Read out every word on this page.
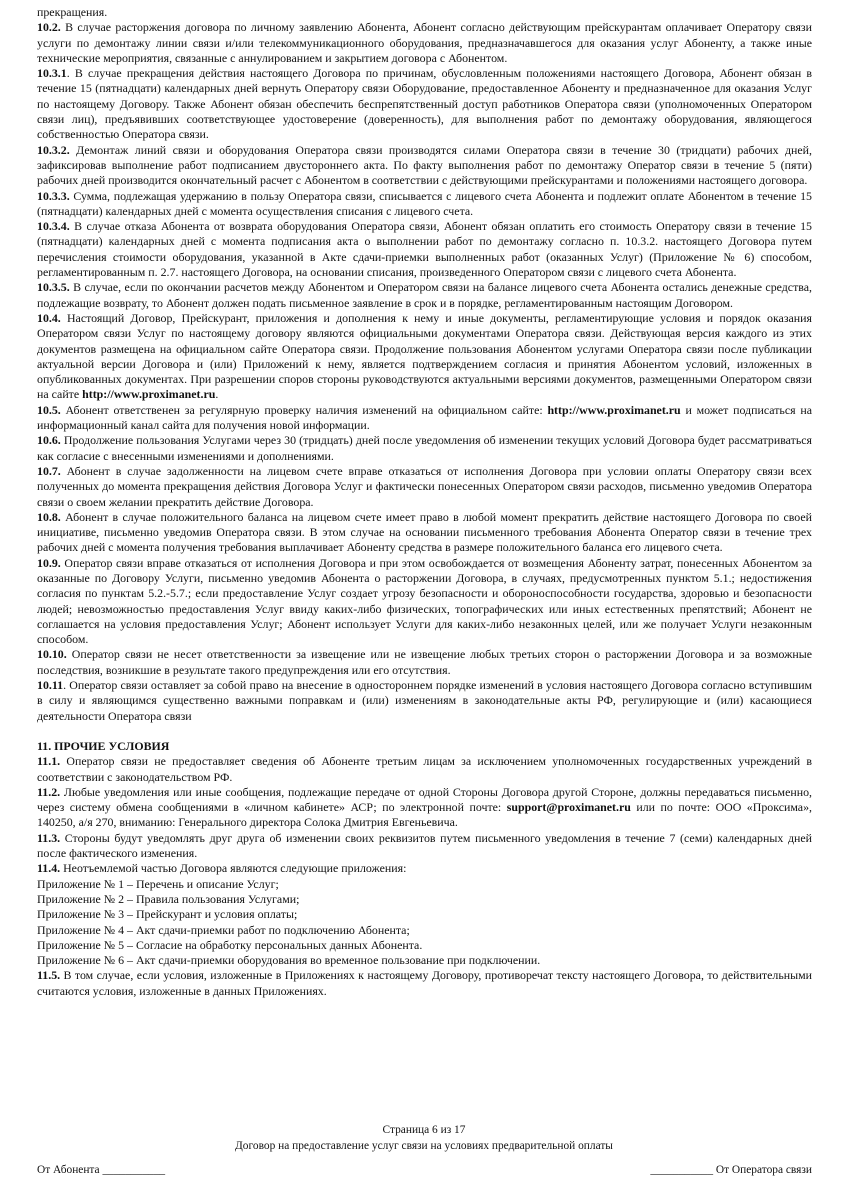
прекращения.

10.2. В случае расторжения договора по личному заявлению Абонента, Абонент согласно действующим прейскурантам оплачивает Оператору связи услуги по демонтажу линии связи и/или телекоммуникационного оборудования, предназначавшегося для оказания услуг Абоненту, а также иные технические мероприятия, связанные с аннулированием и закрытием договора с Абонентом.

10.3.1. В случае прекращения действия настоящего Договора по причинам, обусловленным положениями настоящего Договора, Абонент обязан в течение 15 (пятнадцати) календарных дней вернуть Оператору связи Оборудование, предоставленное Абоненту и предназначенное для оказания Услуг по настоящему Договору. Также Абонент обязан обеспечить беспрепятственный доступ работников Оператора связи (уполномоченных Оператором связи лиц), предъявивших соответствующее удостоверение (доверенность), для выполнения работ по демонтажу оборудования, являющегося собственностью Оператора связи.

10.3.2. Демонтаж линий связи и оборудования Оператора связи производятся силами Оператора связи в течение 30 (тридцати) рабочих дней, зафиксировав выполнение работ подписанием двустороннего акта. По факту выполнения работ по демонтажу Оператор связи в течение 5 (пяти) рабочих дней производится окончательный расчет с Абонентом в соответствии с действующими прейскурантами и положениями настоящего договора.

10.3.3. Сумма, подлежащая удержанию в пользу Оператора связи, списывается с лицевого счета Абонента и подлежит оплате Абонентом в течение 15 (пятнадцати) календарных дней с момента осуществления списания с лицевого счета.

10.3.4. В случае отказа Абонента от возврата оборудования Оператора связи, Абонент обязан оплатить его стоимость Оператору связи в течение 15 (пятнадцати) календарных дней с момента подписания акта о выполнении работ по демонтажу согласно п. 10.3.2. настоящего Договора путем перечисления стоимости оборудования, указанной в Акте сдачи-приемки выполненных работ (оказанных Услуг) (Приложение № 6) способом, регламентированным п. 2.7. настоящего Договора, на основании списания, произведенного Оператором связи с лицевого счета Абонента.

10.3.5. В случае, если по окончании расчетов между Абонентом и Оператором связи на балансе лицевого счета Абонента остались денежные средства, подлежащие возврату, то Абонент должен подать письменное заявление в срок и в порядке, регламентированным настоящим Договором.

10.4. Настоящий Договор, Прейскурант, приложения и дополнения к нему и иные документы, регламентирующие условия и порядок оказания Оператором связи Услуг по настоящему договору являются официальными документами Оператора связи. Действующая версия каждого из этих документов размещена на официальном сайте Оператора связи. Продолжение пользования Абонентом услугами Оператора связи после публикации актуальной версии Договора и (или) Приложений к нему, является подтверждением согласия и принятия Абонентом условий, изложенных в опубликованных документах. При разрешении споров стороны руководствуются актуальными версиями документов, размещенными Оператором связи на сайте http://www.proximanet.ru.

10.5. Абонент ответственен за регулярную проверку наличия изменений на официальном сайте: http://www.proximanet.ru и может подписаться на информационный канал сайта для получения новой информации.

10.6. Продолжение пользования Услугами через 30 (тридцать) дней после уведомления об изменении текущих условий Договора будет рассматриваться как согласие с внесенными изменениями и дополнениями.

10.7. Абонент в случае задолженности на лицевом счете вправе отказаться от исполнения Договора при условии оплаты Оператору связи всех полученных до момента прекращения действия Договора Услуг и фактически понесенных Оператором связи расходов, письменно уведомив Оператора связи о своем желании прекратить действие Договора.

10.8. Абонент в случае положительного баланса на лицевом счете имеет право в любой момент прекратить действие настоящего Договора по своей инициативе, письменно уведомив Оператора связи. В этом случае на основании письменного требования Абонента Оператор связи в течение трех рабочих дней с момента получения требования выплачивает Абоненту средства в размере положительного баланса его лицевого счета.

10.9. Оператор связи вправе отказаться от исполнения Договора и при этом освобождается от возмещения Абоненту затрат, понесенных Абонентом за оказанные по Договору Услуги, письменно уведомив Абонента о расторжении Договора, в случаях, предусмотренных пунктом 5.1.; недостижения согласия по пунктам 5.2.-5.7.; если предоставление Услуг создает угрозу безопасности и обороноспособности государства, здоровью и безопасности людей; невозможностью предоставления Услуг ввиду каких-либо физических, топографических или иных естественных препятствий; Абонент не соглашается на условия предоставления Услуг; Абонент использует Услуги для каких-либо незаконных целей, или же получает Услуги незаконным способом.

10.10. Оператор связи не несет ответственности за извещение или не извещение любых третьих сторон о расторжении Договора и за возможные последствия, возникшие в результате такого предупреждения или его отсутствия.

10.11. Оператор связи оставляет за собой право на внесение в одностороннем порядке изменений в условия настоящего Договора согласно вступившим в силу и являющимся существенно важными поправкам и (или) изменениям в законодательные акты РФ, регулирующие и (или) касающиеся деятельности Оператора связи

11. ПРОЧИЕ УСЛОВИЯ

11.1. Оператор связи не предоставляет сведения об Абоненте третьим лицам за исключением уполномоченных государственных учреждений в соответствии с законодательством РФ.

11.2. Любые уведомления или иные сообщения, подлежащие передаче от одной Стороны Договора другой Стороне, должны передаваться письменно, через систему обмена сообщениями в «личном кабинете» АСР; по электронной почте: support@proximanet.ru или по почте: ООО «Проксима», 140250, а/я 270, вниманию: Генерального директора Солока Дмитрия Евгеньевича.

11.3. Стороны будут уведомлять друг друга об изменении своих реквизитов путем письменного уведомления в течение 7 (семи) календарных дней после фактического изменения.

11.4. Неотъемлемой частью Договора являются следующие приложения:

Приложение № 1 – Перечень и описание Услуг;

Приложение № 2 – Правила пользования Услугами;

Приложение № 3 – Прейскурант и условия оплаты;

Приложение № 4 – Акт сдачи-приемки работ по подключению Абонента;

Приложение № 5 – Согласие на обработку персональных данных Абонента.

Приложение № 6 – Акт сдачи-приемки оборудования во временное пользование при подключении.

11.5. В том случае, если условия, изложенные в Приложениях к настоящему Договору, противоречат тексту настоящего Договора, то действительными считаются условия, изложенные в данных Приложениях.

Страница 6 из 17
Договор на предоставление услуг связи на условиях предварительной оплаты
От Абонента ___________	___________ От Оператора связи
